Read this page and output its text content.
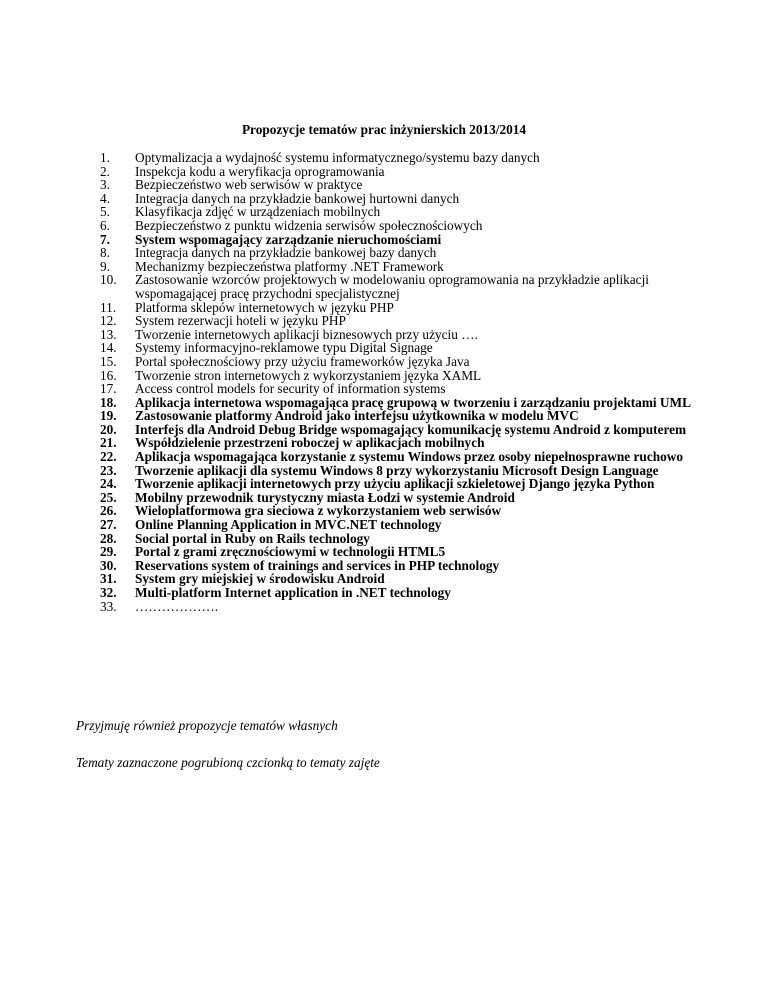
Propozycje tematów prac inżynierskich 2013/2014
1.	Optymalizacja a wydajność systemu informatycznego/systemu bazy danych
2.	Inspekcja kodu a weryfikacja oprogramowania
3.	Bezpieczeństwo web serwisów w praktyce
4.	Integracja danych na przykładzie bankowej hurtowni danych
5.	Klasyfikacja zdjęć w urządzeniach mobilnych
6.	Bezpieczeństwo z punktu widzenia serwisów społecznościowych
7.	System wspomagający zarządzanie nieruchomościami
8.	Integracja danych na przykładzie bankowej bazy danych
9.	Mechanizmy bezpieczeństwa platformy .NET Framework
10.	Zastosowanie wzorców projektowych w modelowaniu oprogramowania na przykładzie aplikacji wspomagającej pracę przychodni specjalistycznej
11.	Platforma sklepów internetowych w języku PHP
12.	System rezerwacji hoteli w języku PHP
13.	Tworzenie internetowych aplikacji biznesowych przy użyciu ….
14.	Systemy informacyjno-reklamowe typu Digital Signage
15.	Portal społecznościowy przy użyciu frameworków języka Java
16.	Tworzenie stron internetowych z wykorzystaniem języka XAML
17.	Access control models for security of information systems
18.	Aplikacja internetowa wspomagająca pracę grupową w tworzeniu i zarządzaniu projektami UML
19.	Zastosowanie platformy Android jako interfejsu użytkownika w modelu MVC
20.	Interfejs dla Android Debug Bridge wspomagający komunikację systemu Android z komputerem
21.	Współdzielenie przestrzeni roboczej w aplikacjach mobilnych
22.	Aplikacja wspomagająca korzystanie z systemu Windows przez osoby niepełnosprawne ruchowo
23.	Tworzenie aplikacji dla systemu Windows 8 przy wykorzystaniu Microsoft Design Language
24.	Tworzenie aplikacji internetowych przy użyciu aplikacji szkieletowej Django języka Python
25.	Mobilny przewodnik turystyczny miasta Łodzi w systemie Android
26.	Wieloplatformowa gra sieciowa z wykorzystaniem web serwisów
27.	Online Planning Application in MVC.NET technology
28.	Social portal in Ruby on Rails technology
29.	Portal z grami zręcznościowymi w technologii HTML5
30.	Reservations system of trainings and services in PHP technology
31.	System gry miejskiej w środowisku Android
32.	Multi-platform Internet application in .NET technology
33.	……………….
Przyjmuję również propozycje tematów własnych
Tematy zaznaczone pogrubioną czcionką to tematy zajęte
